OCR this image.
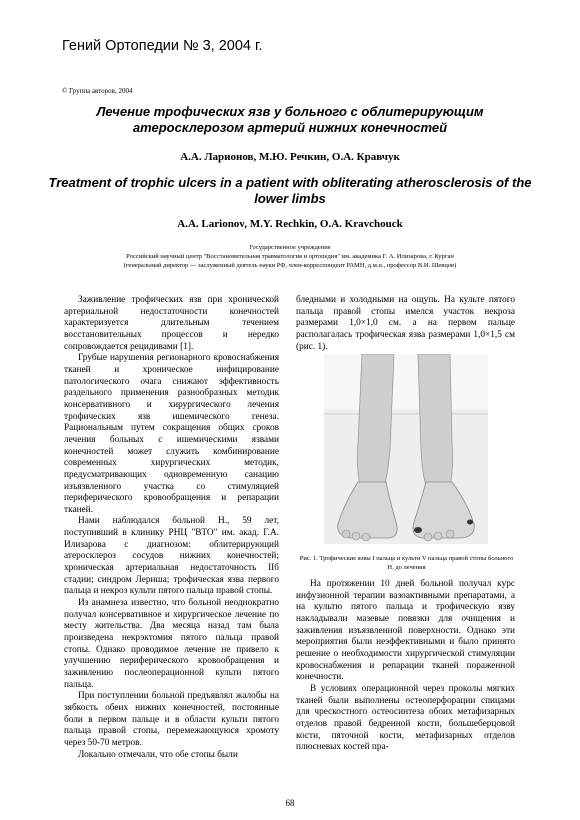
Гений Ортопедии № 3, 2004 г.
© Группа авторов, 2004
Лечение трофических язв у больного с облитерирующим атеросклерозом артерий нижних конечностей
А.А. Ларионов, М.Ю. Речкин, О.А. Кравчук
Treatment of trophic ulcers in a patient with obliterating atherosclerosis of the lower limbs
A.A. Larionov, M.Y. Rechkin, O.A. Kravchouck
Государственное учреждение
Российский научный центр "Восстановительная травматология и ортопедия" им. академика Г. А. Илизарова, г. Курган
(генеральный директор — заслуженный деятель науки РФ, член-корреспондент РАМН, д.м.н., профессор В.И. Шевцов)

Заживление трофических язв при хронической артериальной недостаточности конечностей характеризуется длительным течением восстановительных процессов и нередко сопровождается рецидивами [1].

Грубые нарушения регионарного кровоснабжения тканей и хроническое инфицирование патологического очага снижают эффективность раздельного применения разнообразных методик консервативного и хирургического лечения трофических язв ишемического генеза. Рациональным путем сокращения общих сроков лечения больных с ишемическими язвами конечностей может служить комбинирование современных хирургических методик, предусматривающих одновременную санацию изъязвленного участка со стимуляцией периферического кровообращения и репарации тканей.

Нами наблюдался больной Н., 59 лет, поступивший в клинику РНЦ "ВТО" им. акад. Г.А. Илизарова с диагнозом: облитерирующий атеросклероз сосудов нижних конечностей; хроническая артериальная недостаточность IIб стадии; синдром Лериша; трофическая язва первого пальца и некроз культи пятого пальца правой стопы.

Из анамнеза известно, что больной неоднократно получал консервативное и хирургическое лечение по месту жительства. Два месяца назад там была произведена некрэктомия пятого пальца правой стопы. Однако проводимое лечение не привело к улучшению периферического кровообращения и заживлению послеоперационной культи пятого пальца.

При поступлении больной предъявлял жалобы на зябкость обеих нижних конечностей, постоянные боли в первом пальце и в области культи пятого пальца правой стопы, перемежающуюся хромоту через 50-70 метров.

Локально отмечали, что обе стопы были

бледными и холодными на ощупь. На культе пятого пальца правой стопы имелся участок некроза размерами 1,0×1,0 см. а на первом пальце располагалась трофическая язва размерами 1,0×1,5 см (рис. 1).

Рис. 1. Трофические язвы I пальца и культи V пальца правой стопы больного Н. до лечения

На протяжении 10 дней больной получал курс инфузионной терапии вазоактивными препаратами, а на культю пятого пальца и трофическую язву накладывали мазевые повязки для очищения и заживления изъязвленной поверхности. Однако эти мероприятия были неэффективными и было принято решение о необходимости хирургической стимуляции кровоснабжения и репарации тканей пораженной конечности.

В условиях операционной через проколы мягких тканей были выполнены остеоперфорации спицами для чрескостного остеосинтеза обоих метафизарных отделов правой бедренной кости, большеберцовой кости, пяточной кости, метафизарных отделов плюсневых костей пра-

68
